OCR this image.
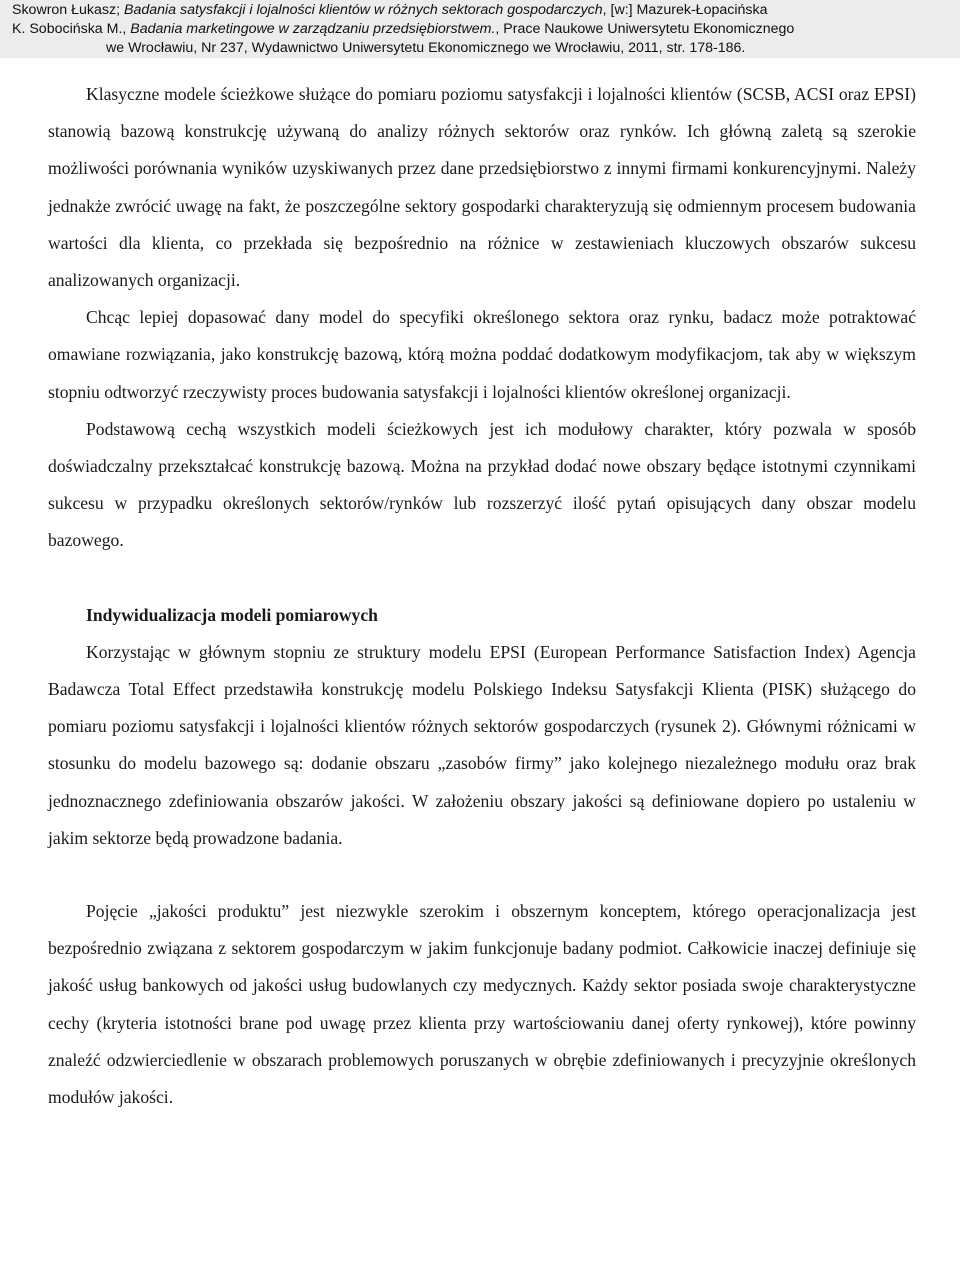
Skowron Łukasz; Badania satysfakcji i lojalności klientów w różnych sektorach gospodarczych, [w:] Mazurek-Łopacińska
K. Sobocińska M., Badania marketingowe w zarządzaniu przedsiębiorstwem., Prace Naukowe Uniwersytetu Ekonomicznego
we Wrocławiu, Nr 237, Wydawnictwo Uniwersytetu Ekonomicznego we Wrocławiu, 2011, str. 178-186.

Klasyczne modele ścieżkowe służące do pomiaru poziomu satysfakcji i lojalności klientów (SCSB, ACSI oraz EPSI) stanowią bazową konstrukcję używaną do analizy różnych sektorów oraz rynków. Ich główną zaletą są szerokie możliwości porównania wyników uzyskiwanych przez dane przedsiębiorstwo z innymi firmami konkurencyjnymi. Należy jednakże zwrócić uwagę na fakt, że poszczególne sektory gospodarki charakteryzują się odmiennym procesem budowania wartości dla klienta, co przekłada się bezpośrednio na różnice w zestawieniach kluczowych obszarów sukcesu analizowanych organizacji.

Chcąc lepiej dopasować dany model do specyfiki określonego sektora oraz rynku, badacz może potraktować omawiane rozwiązania, jako konstrukcję bazową, którą można poddać dodatkowym modyfikacjom, tak aby w większym stopniu odtworzyć rzeczywisty proces budowania satysfakcji i lojalności klientów określonej organizacji.

Podstawową cechą wszystkich modeli ścieżkowych jest ich modułowy charakter, który pozwala w sposób doświadczalny przekształcać konstrukcję bazową. Można na przykład dodać nowe obszary będące istotnymi czynnikami sukcesu w przypadku określonych sektorów/rynków lub rozszerzyć ilość pytań opisujących dany obszar modelu bazowego.

Indywidualizacja modeli pomiarowych

Korzystając w głównym stopniu ze struktury modelu EPSI (European Performance Satisfaction Index) Agencja Badawcza Total Effect przedstawiła konstrukcję modelu Polskiego Indeksu Satysfakcji Klienta (PISK) służącego do pomiaru poziomu satysfakcji i lojalności klientów różnych sektorów gospodarczych (rysunek 2). Głównymi różnicami w stosunku do modelu bazowego są: dodanie obszaru „zasobów firmy” jako kolejnego niezależnego modułu oraz brak jednoznacznego zdefiniowania obszarów jakości. W założeniu obszary jakości są definiowane dopiero po ustaleniu w jakim sektorze będą prowadzone badania.

Pojęcie „jakości produktu” jest niezwykle szerokim i obszernym konceptem, którego operacjonalizacja jest bezpośrednio związana z sektorem gospodarczym w jakim funkcjonuje badany podmiot. Całkowicie inaczej definiuje się jakość usług bankowych od jakości usług budowlanych czy medycznych. Każdy sektor posiada swoje charakterystyczne cechy (kryteria istotności brane pod uwagę przez klienta przy wartościowaniu danej oferty rynkowej), które powinny znaleźć odzwierciedlenie w obszarach problemowych poruszanych w obrębie zdefiniowanych i precyzyjnie określonych modułów jakości.
